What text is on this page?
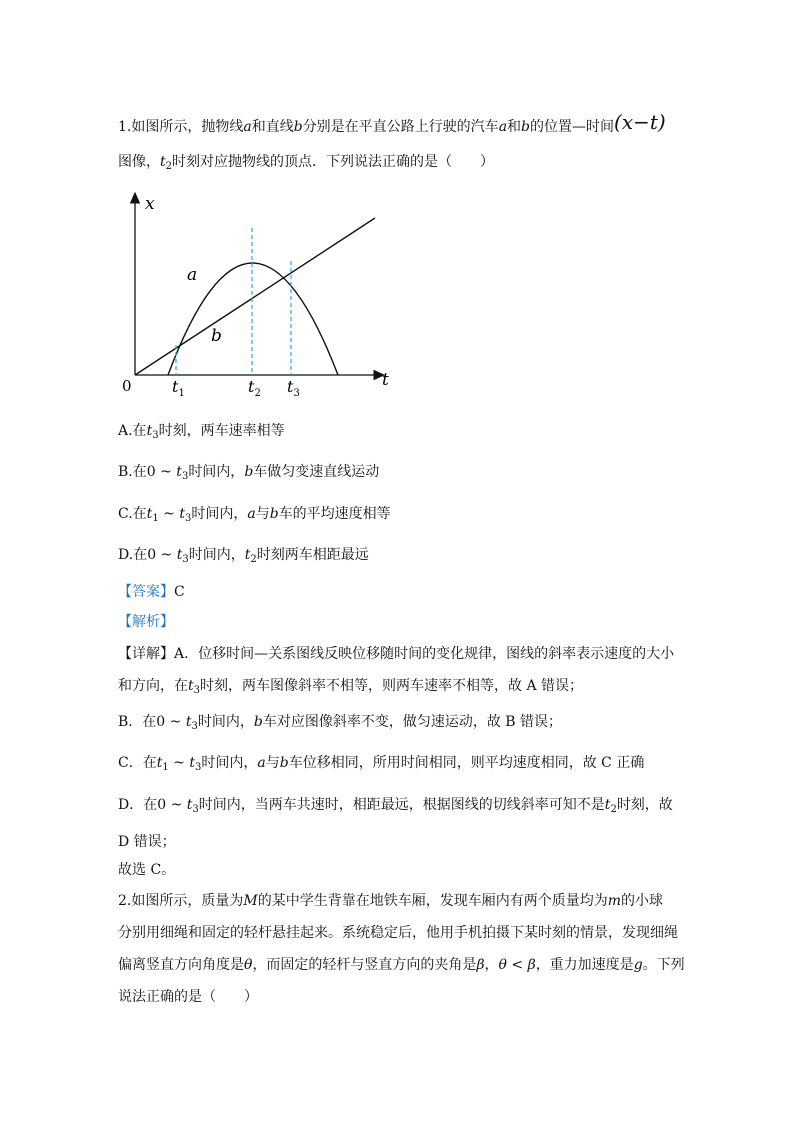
1.如图所示，抛物线a和直线b分别是在平直公路上行驶的汽车a和b的位置—时间(x−t)
图像，$t_2$时刻对应抛物线的顶点．下列说法正确的是（　　）
x
t
0
a
b
$t_1$	$t_2$ $t_3$
A.在$t_3$时刻，两车速率相等
B.在0 ~ $t_3$时间内，b车做匀变速直线运动
C.在$t_1$ ~ $t_3$时间内，a与b车的平均速度相等
D.在0 ~ $t_3$时间内，$t_2$时刻两车相距最远
【答案】C
【解析】
【详解】A．位移时间—关系图线反映位移随时间的变化规律，图线的斜率表示速度的大小
和方向，在$t_3$时刻，两车图像斜率不相等，则两车速率不相等，故 A 错误；
B．在0 ~ $t_3$时间内，b车对应图像斜率不变，做匀速运动，故 B 错误；
C．在$t_1$ ~ $t_3$时间内，a与b车位移相同，所用时间相同，则平均速度相同，故 C 正确
D．在0 ~ $t_3$时间内，当两车共速时，相距最远，根据图线的切线斜率可知不是$t_2$时刻，故
D 错误；
故选 C。
2.如图所示，质量为M的某中学生背靠在地铁车厢，发现车厢内有两个质量均为m的小球
分别用细绳和固定的轻杆悬挂起来。系统稳定后，他用手机拍摄下某时刻的情景，发现细绳
偏离竖直方向角度是θ，而固定的轻杆与竖直方向的夹角是β，θ < β，重力加速度是g。下列
说法正确的是（　　）
